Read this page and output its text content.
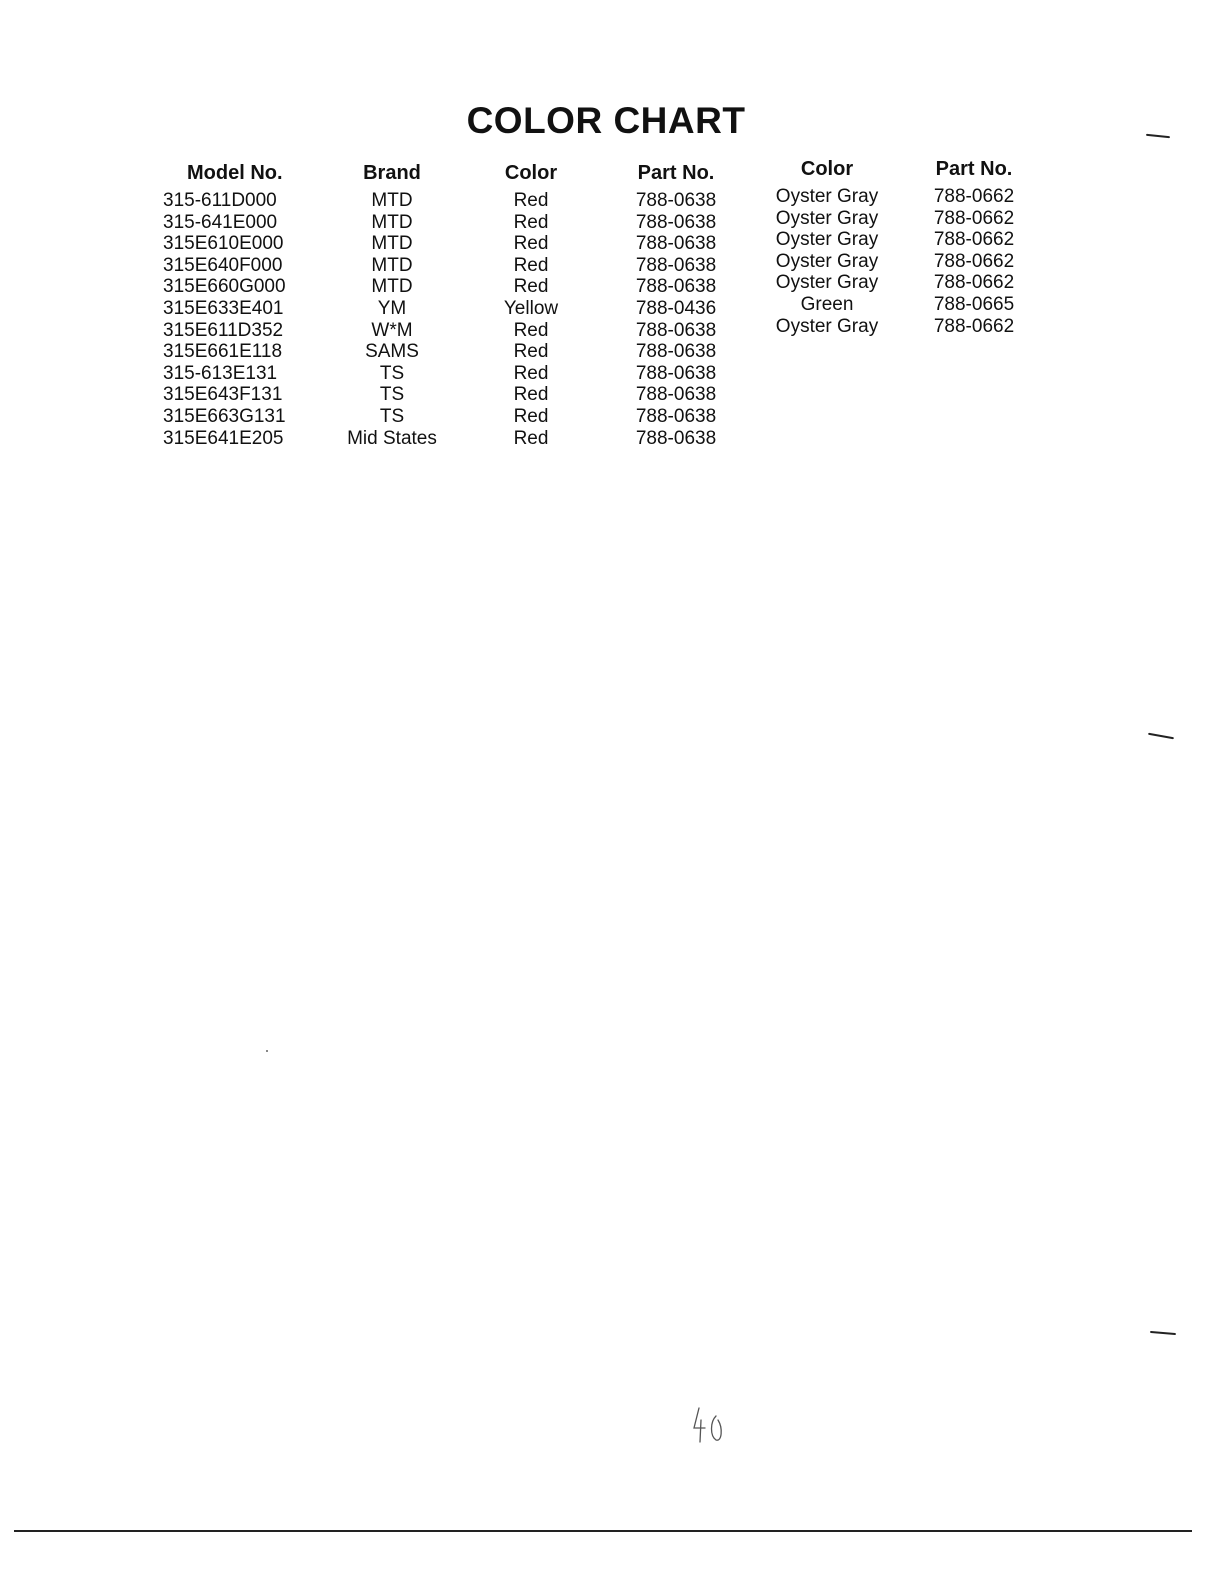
COLOR CHART
Model No.
315-611D000
315-641E000
315E610E000
315E640F000
315E660G000
315E633E401
315E611D352
315E661E118
315-613E131
315E643F131
315E663G131
315E641E205
Brand
MTD
MTD
MTD
MTD
MTD
YM
W*M
SAMS
TS
TS
TS
Mid States
Color
Red
Red
Red
Red
Red
Yellow
Red
Red
Red
Red
Red
Red
Part No.
788-0638
788-0638
788-0638
788-0638
788-0638
788-0436
788-0638
788-0638
788-0638
788-0638
788-0638
788-0638
Color
Oyster Gray
Oyster Gray
Oyster Gray
Oyster Gray
Oyster Gray
Green
Oyster Gray
Part No.
788-0662
788-0662
788-0662
788-0662
788-0662
788-0665
788-0662
